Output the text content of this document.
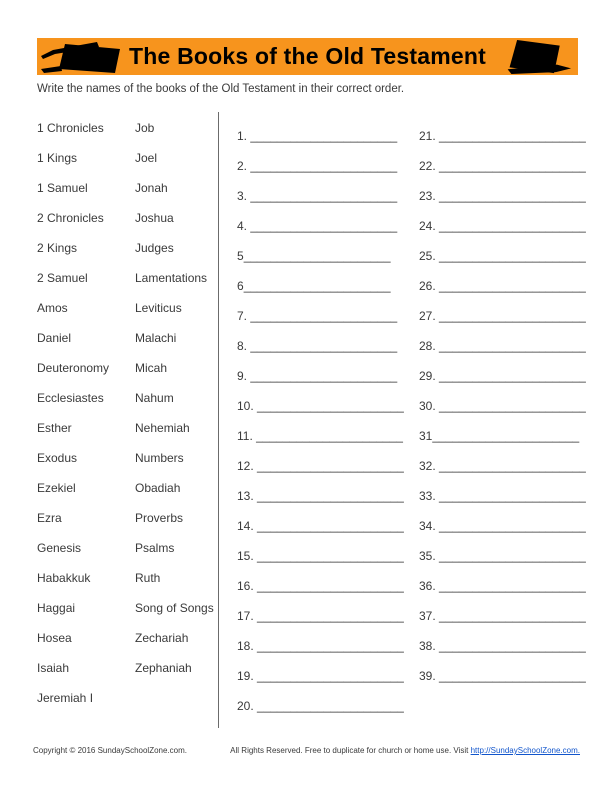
The Books of the Old Testament
Write the names of the books of the Old Testament in their correct order.
1 Chronicles
1 Kings
1 Samuel
2 Chronicles
2 Kings
2 Samuel
Amos
Daniel
Deuteronomy
Ecclesiastes
Esther
Exodus
Ezekiel
Ezra
Genesis
Habakkuk
Haggai
Hosea
Isaiah
Jeremiah I
Job
Joel
Jonah
Joshua
Judges
Lamentations
Leviticus
Malachi
Micah
Nahum
Nehemiah
Numbers
Obadiah
Proverbs
Psalms
Ruth
Song of Songs
Zechariah
Zephaniah
1. ______________________
2. ______________________
3. ______________________
4. ______________________
5______________________
6______________________
7. ______________________
8. ______________________
9. ______________________
10. ______________________
11. ______________________
12. ______________________
13. ______________________
14. ______________________
15. ______________________
16. ______________________
17. ______________________
18. ______________________
19. ______________________
20. ______________________
21. ______________________
22. ______________________
23. ______________________
24. ______________________
25. ______________________
26. ______________________
27. ______________________
28. ______________________
29. ______________________
30. ______________________
31______________________
32. ______________________
33. ______________________
34. ______________________
35. ______________________
36. ______________________
37. ______________________
38. ______________________
39. ______________________
Copyright © 2016 SundaySchoolZone.com.	All Rights Reserved. Free to duplicate for church or home use. Visit http://SundaySchoolZone.com.
